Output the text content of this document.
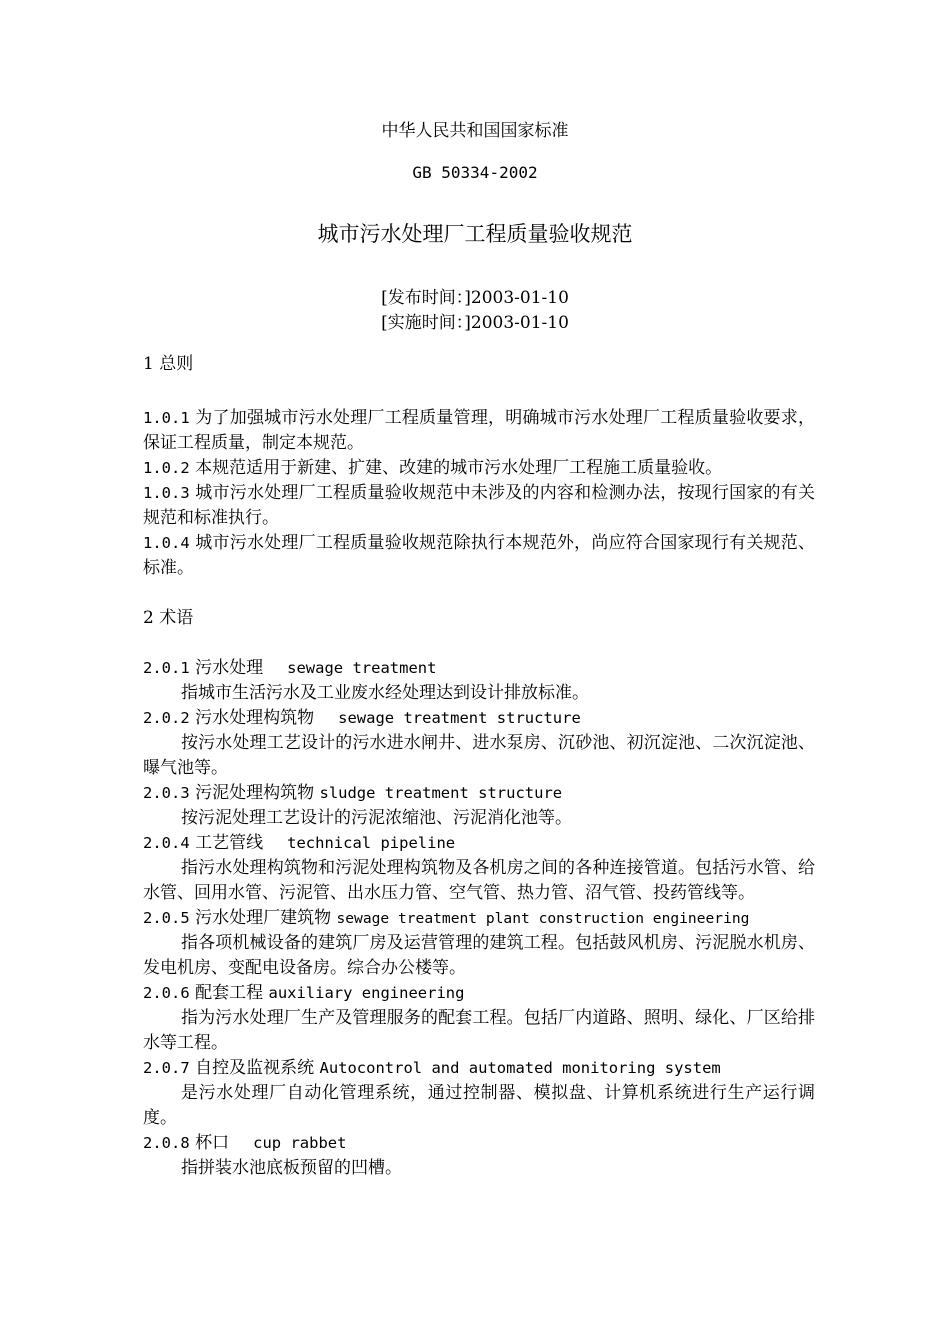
中华人民共和国国家标准
GB 50334-2002
城市污水处理厂工程质量验收规范
[发布时间：]2003-01-10
[实施时间：]2003-01-10

1 总则

1.0.1 为了加强城市污水处理厂工程质量管理，明确城市污水处理厂工程质量验收要求，保证工程质量，制定本规范。

1.0.2 本规范适用于新建、扩建、改建的城市污水处理厂工程施工质量验收。

1.0.3 城市污水处理厂工程质量验收规范中未涉及的内容和检测办法，按现行国家的有关规范和标准执行。

1.0.4 城市污水处理厂工程质量验收规范除执行本规范外，尚应符合国家现行有关规范、标准。

2 术语

2.0.1 污水处理   sewage treatment

指城市生活污水及工业废水经处理达到设计排放标准。

2.0.2 污水处理构筑物   sewage treatment structure

按污水处理工艺设计的污水进水闸井、进水泵房、沉砂池、初沉淀池、二次沉淀池、曝气池等。

2.0.3 污泥处理构筑物 sludge treatment structure

按污泥处理工艺设计的污泥浓缩池、污泥消化池等。

2.0.4 工艺管线   technical pipeline

指污水处理构筑物和污泥处理构筑物及各机房之间的各种连接管道。包括污水管、给水管、回用水管、污泥管、出水压力管、空气管、热力管、沼气管、投药管线等。

2.0.5 污水处理厂建筑物 sewage treatment plant construction engineering

指各项机械设备的建筑厂房及运营管理的建筑工程。包括鼓风机房、污泥脱水机房、发电机房、变配电设备房。综合办公楼等。

2.0.6 配套工程 auxiliary engineering

指为污水处理厂生产及管理服务的配套工程。包括厂内道路、照明、绿化、厂区给排水等工程。

2.0.7 自控及监视系统 Autocontrol and automated monitoring system

是污水处理厂自动化管理系统，通过控制器、模拟盘、计算机系统进行生产运行调度。

2.0.8 杯口   cup rabbet

指拼装水池底板预留的凹槽。
